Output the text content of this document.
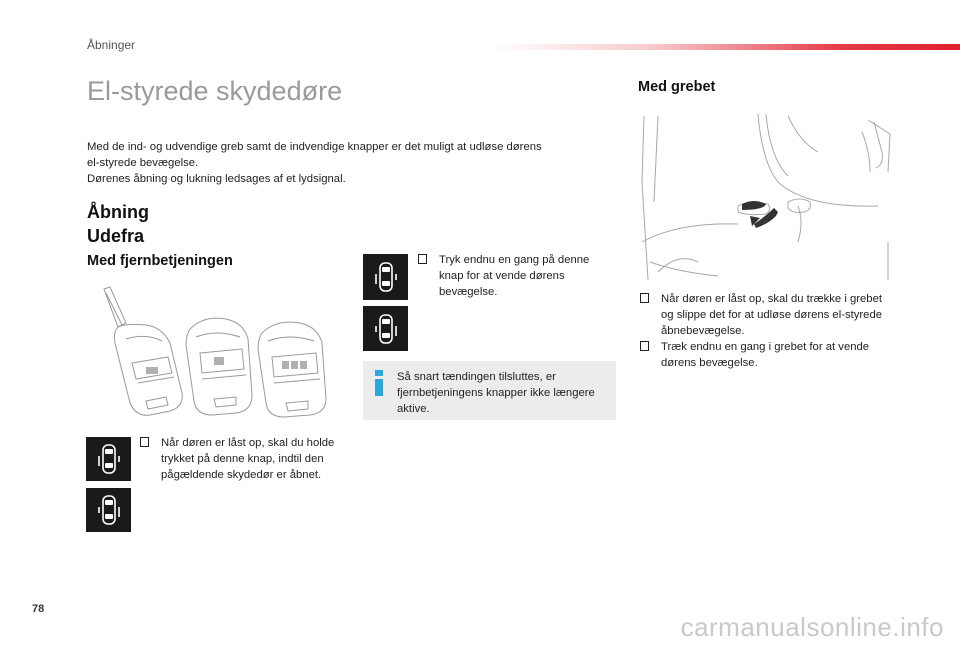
Åbninger
El-styrede skydedøre

Med de ind- og udvendige greb samt de indvendige knapper er det muligt at udløse dørens

el-styrede bevægelse.

Dørenes åbning og lukning ledsages af et lydsignal.

Åbning
Udefra
Med fjernbetjeningen
Når døren er låst op, skal du holde trykket på denne knap, indtil den pågældende skydedør er åbnet.
Tryk endnu en gang på denne knap for at vende dørens bevægelse.
Så snart tændingen tilsluttes, er fjernbetjeningens knapper ikke længere aktive.
Med grebet
Når døren er låst op, skal du trække i grebet og slippe det for at udløse dørens el-styrede åbnebevægelse.
Træk endnu en gang i grebet for at vende dørens bevægelse.
78
carmanualsonline.info
